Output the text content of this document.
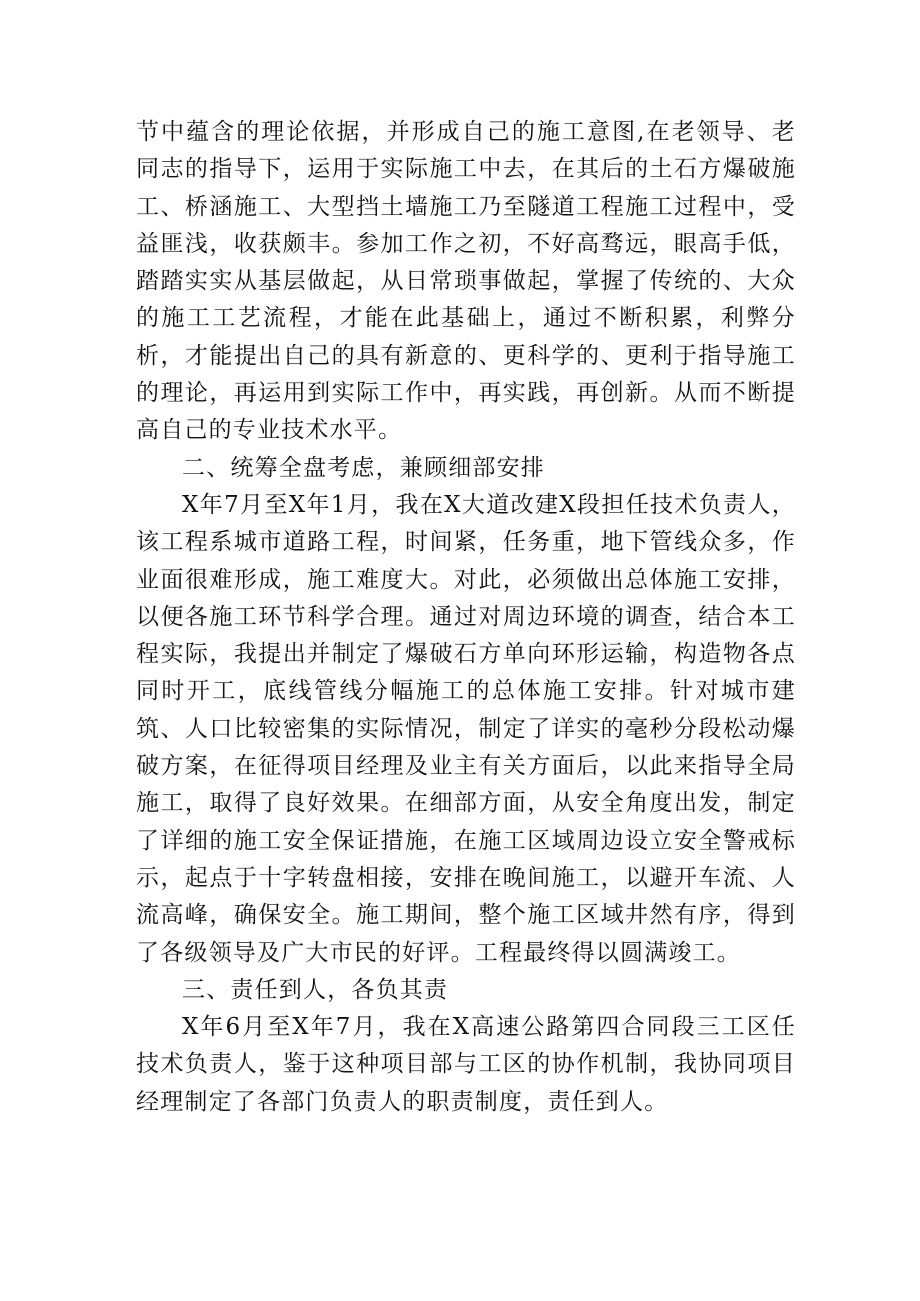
节中蕴含的理论依据，并形成自己的施工意图,在老领导、老同志的指导下，运用于实际施工中去，在其后的土石方爆破施工、桥涵施工、大型挡土墙施工乃至隧道工程施工过程中，受益匪浅，收获颇丰。参加工作之初，不好高骛远，眼高手低，踏踏实实从基层做起，从日常琐事做起，掌握了传统的、大众的施工工艺流程，才能在此基础上，通过不断积累，利弊分析，才能提出自己的具有新意的、更科学的、更利于指导施工的理论，再运用到实际工作中，再实践，再创新。从而不断提高自己的专业技术水平。

二、统筹全盘考虑，兼顾细部安排

X年7月至X年1月，我在X大道改建X段担任技术负责人，该工程系城市道路工程，时间紧，任务重，地下管线众多，作业面很难形成，施工难度大。对此，必须做出总体施工安排，以便各施工环节科学合理。通过对周边环境的调查，结合本工程实际，我提出并制定了爆破石方单向环形运输，构造物各点同时开工，底线管线分幅施工的总体施工安排。针对城市建筑、人口比较密集的实际情况，制定了详实的毫秒分段松动爆破方案，在征得项目经理及业主有关方面后，以此来指导全局施工，取得了良好效果。在细部方面，从安全角度出发，制定了详细的施工安全保证措施，在施工区域周边设立安全警戒标示，起点于十字转盘相接，安排在晚间施工，以避开车流、人流高峰，确保安全。施工期间，整个施工区域井然有序，得到了各级领导及广大市民的好评。工程最终得以圆满竣工。

三、责任到人，各负其责

X年6月至X年7月，我在X高速公路第四合同段三工区任技术负责人，鉴于这种项目部与工区的协作机制，我协同项目经理制定了各部门负责人的职责制度，责任到人。
